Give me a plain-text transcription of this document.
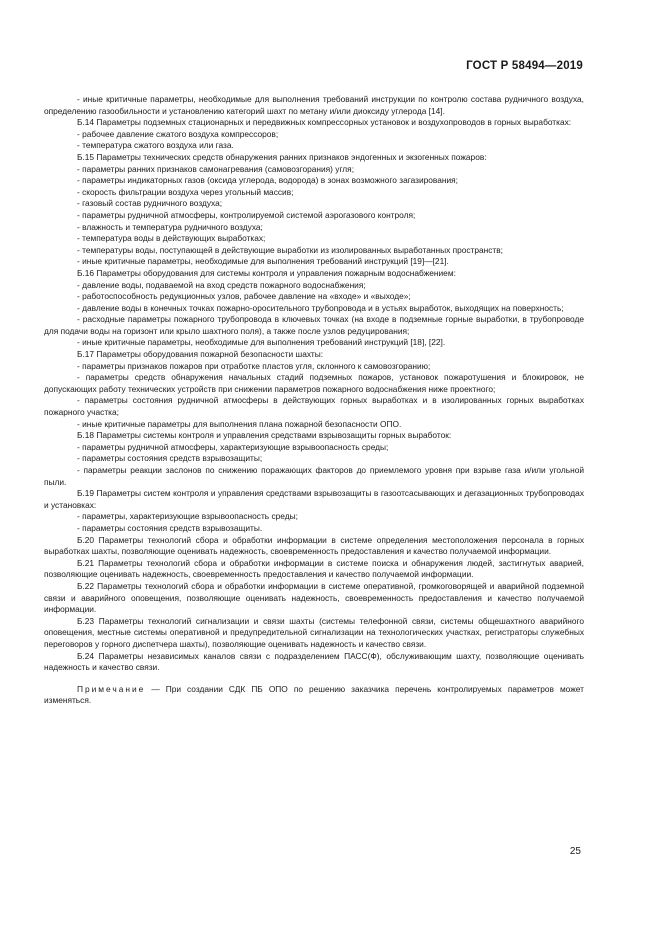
ГОСТ Р 58494—2019

- иные критичные параметры, необходимые для выполнения требований инструкции по контролю состава рудничного воздуха, определению газообильности и установлению категорий шахт по метану и/или диоксиду углерода [14].

Б.14 Параметры подземных стационарных и передвижных компрессорных установок и воздухопроводов в горных выработках:

- рабочее давление сжатого воздуха компрессоров;

- температура сжатого воздуха или газа.

Б.15 Параметры технических средств обнаружения ранних признаков эндогенных и экзогенных пожаров:

- параметры ранних признаков самонагревания (самовозгорания) угля;

- параметры индикаторных газов (оксида углерода, водорода) в зонах возможного загазирования;

- скорость фильтрации воздуха через угольный массив;

- газовый состав рудничного воздуха;

- параметры рудничной атмосферы, контролируемой системой аэрогазового контроля;

- влажность и температура рудничного воздуха;

- температура воды в действующих выработках;

- температуры воды, поступающей в действующие выработки из изолированных выработанных пространств;

- иные критичные параметры, необходимые для выполнения требований инструкций [19]—[21].

Б.16 Параметры оборудования для системы контроля и управления пожарным водоснабжением:

- давление воды, подаваемой на вход средств пожарного водоснабжения;

- работоспособность редукционных узлов, рабочее давление на «входе» и «выходе»;

- давление воды в конечных точках пожарно-оросительного трубопровода и в устьях выработок, выходящих на поверхность;

- расходные параметры пожарного трубопровода в ключевых точках (на входе в подземные горные выработки, в трубопроводе для подачи воды на горизонт или крыло шахтного поля), а также после узлов редуцирования;

- иные критичные параметры, необходимые для выполнения требований инструкций [18], [22].

Б.17 Параметры оборудования пожарной безопасности шахты:

- параметры признаков пожаров при отработке пластов угля, склонного к самовозгоранию;

- параметры средств обнаружения начальных стадий подземных пожаров, установок пожаротушения и блокировок, не допускающих работу технических устройств при снижении параметров пожарного водоснабжения ниже проектного;

- параметры состояния рудничной атмосферы в действующих горных выработках и в изолированных горных выработках пожарного участка;

- иные критичные параметры для выполнения плана пожарной безопасности ОПО.

Б.18 Параметры системы контроля и управления средствами взрывозащиты горных выработок:

- параметры рудничной атмосферы, характеризующие взрывоопасность среды;

- параметры состояния средств взрывозащиты;

- параметры реакции заслонов по снижению поражающих факторов до приемлемого уровня при взрыве газа и/или угольной пыли.

Б.19 Параметры систем контроля и управления средствами взрывозащиты в газоотсасывающих и дегазационных трубопроводах и установках:

- параметры, характеризующие взрывоопасность среды;

- параметры состояния средств взрывозащиты.

Б.20 Параметры технологий сбора и обработки информации в системе определения местоположения персонала в горных выработках шахты, позволяющие оценивать надежность, своевременность предоставления и качество получаемой информации.

Б.21 Параметры технологий сбора и обработки информации в системе поиска и обнаружения людей, застигнутых аварией, позволяющие оценивать надежность, своевременность предоставления и качество получаемой информации.

Б.22 Параметры технологий сбора и обработки информации в системе оперативной, громкоговорящей и аварийной подземной связи и аварийного оповещения, позволяющие оценивать надежность, своевременность предоставления и качество получаемой информации.

Б.23 Параметры технологий сигнализации и связи шахты (системы телефонной связи, системы общешахтного аварийного оповещения, местные системы оперативной и предупредительной сигнализации на технологических участках, регистраторы служебных переговоров у горного диспетчера шахты), позволяющие оценивать надежность и качество связи.

Б.24 Параметры независимых каналов связи с подразделением ПАСС(Ф), обслуживающим шахту, позволяющие оценивать надежность и качество связи.

Примечание — При создании СДК ПБ ОПО по решению заказчика перечень контролируемых параметров может изменяться.

25
